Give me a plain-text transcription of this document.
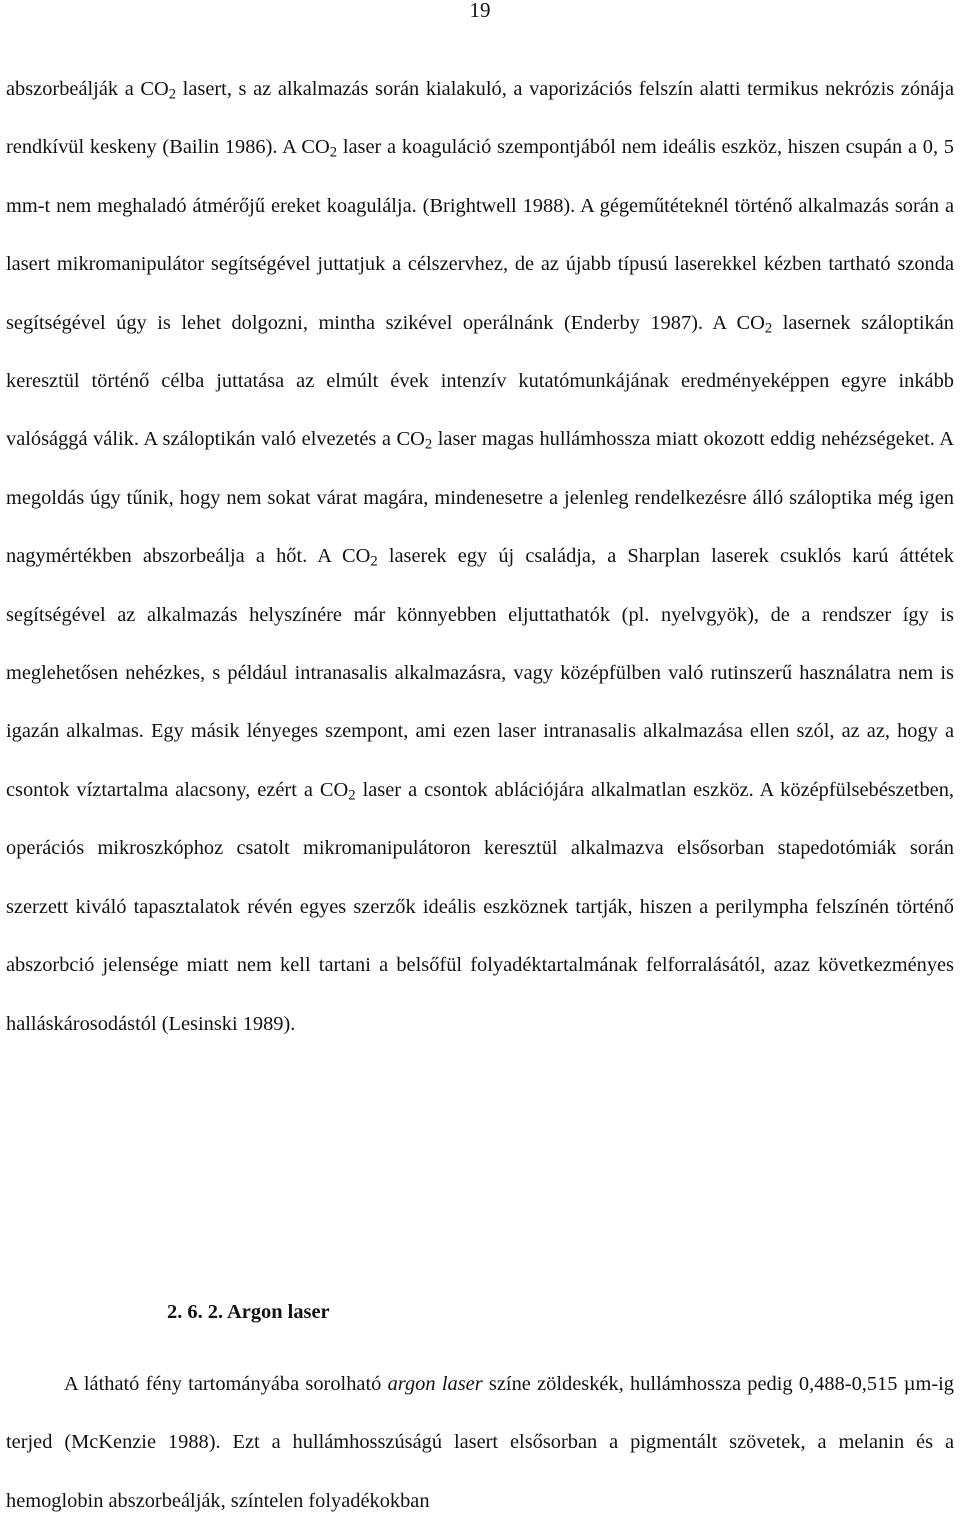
19

abszorbeálják a $CO_2$ lasert, s az alkalmazás során kialakuló, a vaporizációs felszín alatti termikus nekrózis zónája rendkívül keskeny (Bailin 1986). A $CO_2$ laser a koaguláció szempontjából nem ideális eszköz, hiszen csupán a 0, 5 mm-t nem meghaladó átmérőjű ereket koagulálja. (Brightwell 1988). A gégeműtéteknél történő alkalmazás során a lasert mikromanipulátor segítségével juttatjuk a célszervhez, de az újabb típusú laserekkel kézben tartható szonda segítségével úgy is lehet dolgozni, mintha szikével operálnánk (Enderby 1987). A $CO_2$ lasernek száloptikán keresztül történő célba juttatása az elmúlt évek intenzív kutatómunkájának eredményeképpen egyre inkább valósággá válik. A száloptikán való elvezetés a $CO_2$ laser magas hullámhossza miatt okozott eddig nehézségeket. A megoldás úgy tűnik, hogy nem sokat várat magára, mindenesetre a jelenleg rendelkezésre álló száloptika még igen nagymértékben abszorbeálja a hőt. A $CO_2$ laserek egy új családja, a Sharplan laserek csuklós karú áttétek segítségével az alkalmazás helyszínére már könnyebben eljuttathatók (pl. nyelvgyök), de a rendszer így is meglehetősen nehézkes, s például intranasalis alkalmazásra, vagy középfülben való rutinszerű használatra nem is igazán alkalmas. Egy másik lényeges szempont, ami ezen laser intranasalis alkalmazása ellen szól, az az, hogy a csontok víztartalma alacsony, ezért a $CO_2$ laser a csontok ablációjára alkalmatlan eszköz. A középfülsebészetben, operációs mikroszkóphoz csatolt mikromanipulátoron keresztül alkalmazva elsősorban stapedotómiák során szerzett kiváló tapasztalatok révén egyes szerzők ideális eszköznek tartják, hiszen a perilympha felszínén történő abszorbció jelensége miatt nem kell tartani a belsőfül folyadéktartalmának felforralásától, azaz következményes halláskárosodástól (Lesinski 1989).

2. 6. 2. Argon laser

A látható fény tartományába sorolható argon laser színe zöldeskék, hullámhossza pedig 0,488-0,515 µm-ig terjed (McKenzie 1988). Ezt a hullámhosszúságú lasert elsősorban a pigmentált szövetek, a melanin és a hemoglobin abszorbeálják, színtelen folyadékokban
